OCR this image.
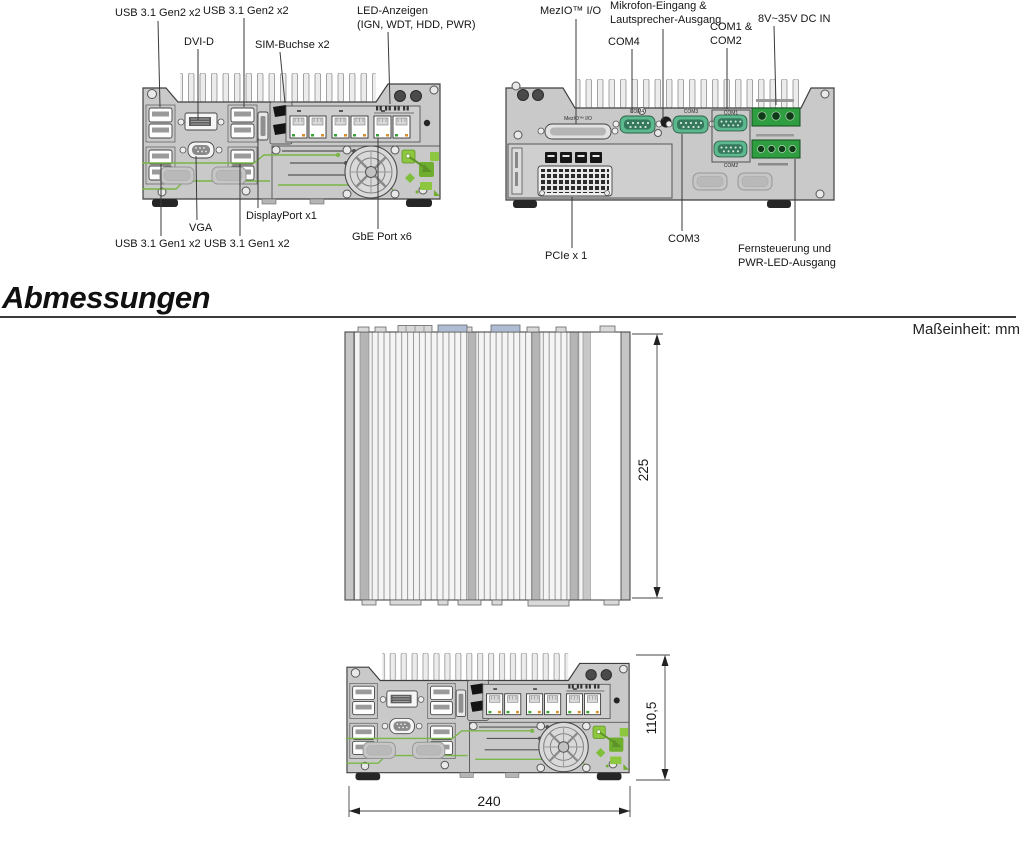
MezIO™ I/O
COM4	COM3	COM1
COM2
225
110,5
240
USB 3.1 Gen2 x2
DVI-D
USB 3.1 Gen2 x2
SIM-Buchse x2
LED-Anzeigen
(IGN, WDT, HDD, PWR)
USB 3.1 Gen1 x2
VGA
USB 3.1 Gen1 x2
DisplayPort x1
GbE Port x6
MezIO™ I/O Mikrofon-Eingang &
Lautsprecher-Ausgang
COM4
COM1 &
COM2
8V~35V DC IN
PCIe x 1
COM3
Fernsteuerung und
PWR-LED-Ausgang
Abmessungen
Maßeinheit: mm
